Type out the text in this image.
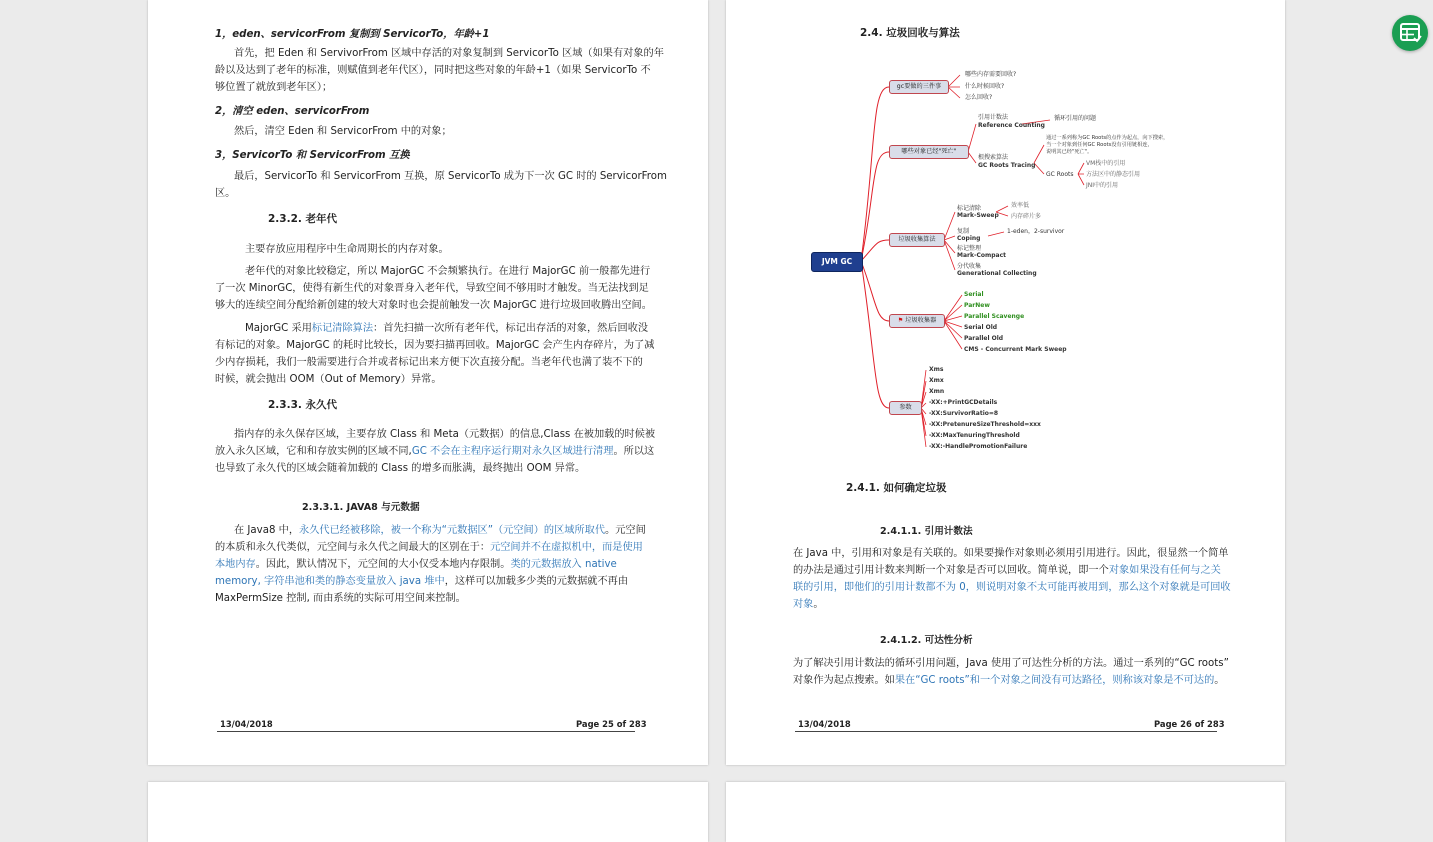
1，eden、servicorFrom 复制到 ServicorTo，年龄+1
首先，把 Eden 和 ServivorFrom 区域中存活的对象复制到 ServicorTo 区域（如果有对象的年
龄以及达到了老年的标准，则赋值到老年代区），同时把这些对象的年龄+1（如果 ServicorTo 不
够位置了就放到老年区）；
2，清空 eden、servicorFrom
然后，清空 Eden 和 ServicorFrom 中的对象；
3，ServicorTo 和 ServicorFrom 互换
最后，ServicorTo 和 ServicorFrom 互换，原 ServicorTo 成为下一次 GC 时的 ServicorFrom
区。
2.3.2. 老年代
主要存放应用程序中生命周期长的内存对象。
老年代的对象比较稳定，所以 MajorGC 不会频繁执行。在进行 MajorGC 前一般都先进行
了一次 MinorGC，使得有新生代的对象晋身入老年代，导致空间不够用时才触发。当无法找到足
够大的连续空间分配给新创建的较大对象时也会提前触发一次 MajorGC 进行垃圾回收腾出空间。
MajorGC 采用标记清除算法：首先扫描一次所有老年代，标记出存活的对象，然后回收没
有标记的对象。MajorGC 的耗时比较长，因为要扫描再回收。MajorGC 会产生内存碎片，为了减
少内存损耗，我们一般需要进行合并或者标记出来方便下次直接分配。当老年代也满了装不下的
时候，就会抛出 OOM（Out of Memory）异常。
2.3.3. 永久代
指内存的永久保存区域，主要存放 Class 和 Meta（元数据）的信息,Class 在被加载的时候被
放入永久区域，它和和存放实例的区域不同,GC 不会在主程序运行期对永久区域进行清理。所以这
也导致了永久代的区域会随着加载的 Class 的增多而胀满，最终抛出 OOM 异常。
2.3.3.1. JAVA8 与元数据
在 Java8 中，永久代已经被移除，被一个称为“元数据区”（元空间）的区域所取代。元空间
的本质和永久代类似，元空间与永久代之间最大的区别在于：元空间并不在虚拟机中，而是使用
本地内存。因此，默认情况下，元空间的大小仅受本地内存限制。类的元数据放入 native
memory, 字符串池和类的静态变量放入 java 堆中，这样可以加载多少类的元数据就不再由
MaxPermSize 控制, 而由系统的实际可用空间来控制。
13/04/2018	Page 25 of 283
2.4. 垃圾回收与算法
JVM GC
gc要做的三件事
哪些内存需要回收?
什么时候回收?
怎么回收?
哪些对象已经"死亡"
引用计数法
Reference Counting
循环引用的问题
根搜索算法
GC Roots Tracing
通过一系列称为GC Roots的点作为起点，向下搜索，
当一个对象到任何GC Roots没有引用链相连，
说明其已经"死亡"。
GC Roots
VM栈中的引用
方法区中的静态引用
JNI中的引用
垃圾收集算法
标记清除
Mark-Sweep
效率低
内存碎片多
复制
Coping
1-eden，2-survivor
标记整理
Mark-Compact
分代收集
Generational Collecting
⚑ 垃圾收集器
Serial
ParNew
Parallel Scavenge
Serial Old
Parallel Old
CMS - Concurrent Mark Sweep
参数
Xms
Xmx
Xmn
-XX:+PrintGCDetails
-XX:SurvivorRatio=8
-XX:PretenureSizeThreshold=xxx
-XX:MaxTenuringThreshold
-XX:-HandlePromotionFailure
2.4.1. 如何确定垃圾
2.4.1.1. 引用计数法
在 Java 中，引用和对象是有关联的。如果要操作对象则必须用引用进行。因此，很显然一个简单
的办法是通过引用计数来判断一个对象是否可以回收。简单说，即一个对象如果没有任何与之关
联的引用，即他们的引用计数都不为 0，则说明对象不太可能再被用到，那么这个对象就是可回收
对象。
2.4.1.2. 可达性分析
为了解决引用计数法的循环引用问题，Java 使用了可达性分析的方法。通过一系列的“GC roots”
对象作为起点搜索。如果在“GC roots”和一个对象之间没有可达路径，则称该对象是不可达的。
13/04/2018	Page 26 of 283
